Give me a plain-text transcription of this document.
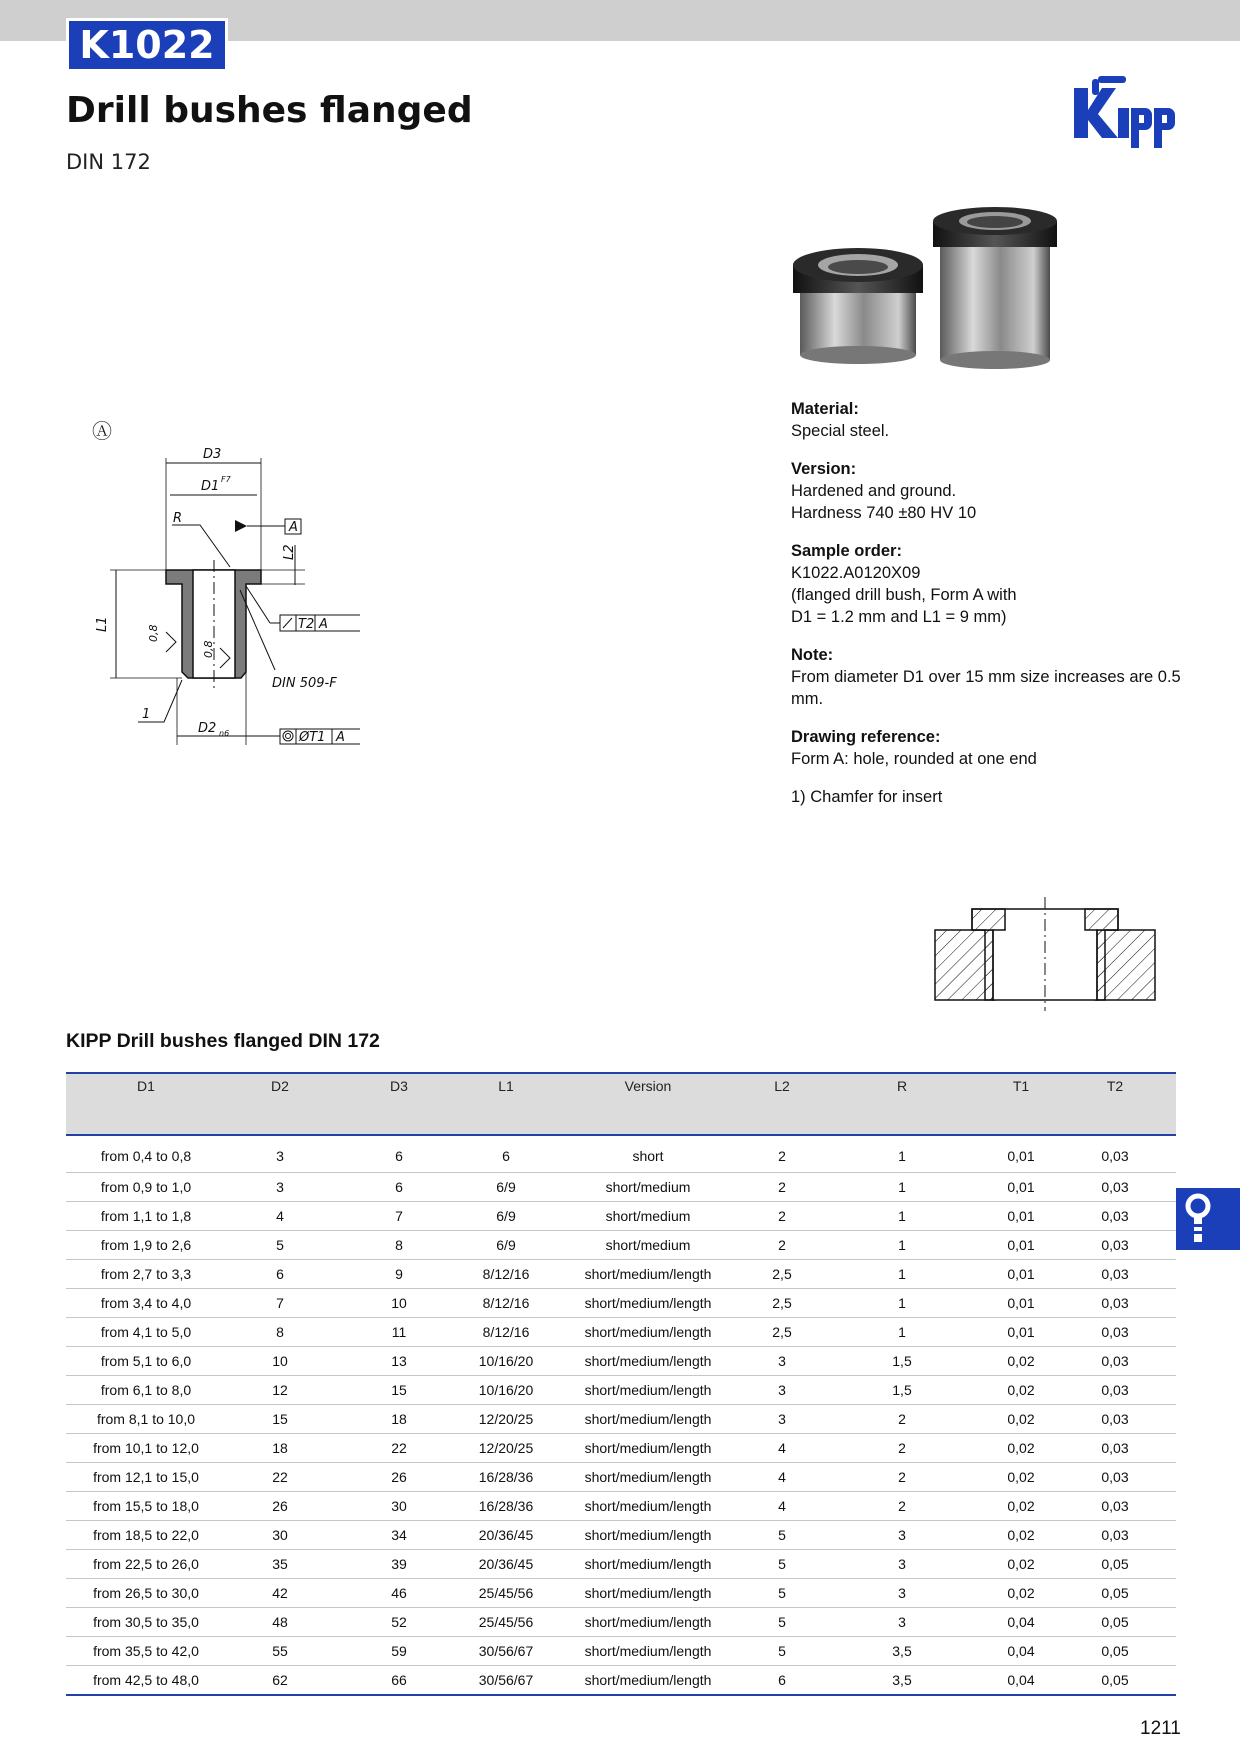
K1022
Drill bushes flanged
DIN 172
Ⓐ
D3
D1 F7
R
A
L2
L1
0,8
0,8
T2 A
DIN 509-F
1
D2 n6	ØT1 A
Material:
Special steel.
Version:
Hardened and ground.
Hardness 740 ±80 HV 10
Sample order:
K1022.A0120X09
(flanged drill bush, Form A with
D1 = 1.2 mm and L1 = 9 mm)
Note:
From diameter D1 over 15 mm size increases are 0.5
mm.
Drawing reference:
Form A: hole, rounded at one end
1) Chamfer for insert
KIPP Drill bushes flanged DIN 172
D1	D2	D3	L1	Version	L2	R	T1	T2
from 0,4 to 0,8	3	6	6	short	2	1	0,01	0,03
from 0,9 to 1,0	3	6	6/9	short/medium	2	1	0,01	0,03
from 1,1 to 1,8	4	7	6/9	short/medium	2	1	0,01	0,03
from 1,9 to 2,6	5	8	6/9	short/medium	2	1	0,01	0,03
from 2,7 to 3,3	6	9	8/12/16	short/medium/length	2,5	1	0,01	0,03
from 3,4 to 4,0	7	10	8/12/16	short/medium/length	2,5	1	0,01	0,03
from 4,1 to 5,0	8	11	8/12/16	short/medium/length	2,5	1	0,01	0,03
from 5,1 to 6,0	10	13	10/16/20	short/medium/length	3	1,5	0,02	0,03
from 6,1 to 8,0	12	15	10/16/20	short/medium/length	3	1,5	0,02	0,03
from 8,1 to 10,0	15	18	12/20/25	short/medium/length	3	2	0,02	0,03
from 10,1 to 12,0	18	22	12/20/25	short/medium/length	4	2	0,02	0,03
from 12,1 to 15,0	22	26	16/28/36	short/medium/length	4	2	0,02	0,03
from 15,5 to 18,0	26	30	16/28/36	short/medium/length	4	2	0,02	0,03
from 18,5 to 22,0	30	34	20/36/45	short/medium/length	5	3	0,02	0,03
from 22,5 to 26,0	35	39	20/36/45	short/medium/length	5	3	0,02	0,05
from 26,5 to 30,0	42	46	25/45/56	short/medium/length	5	3	0,02	0,05
from 30,5 to 35,0	48	52	25/45/56	short/medium/length	5	3	0,04	0,05
from 35,5 to 42,0	55	59	30/56/67	short/medium/length	5	3,5	0,04	0,05
from 42,5 to 48,0	62	66	30/56/67	short/medium/length	6	3,5	0,04	0,05
1211
